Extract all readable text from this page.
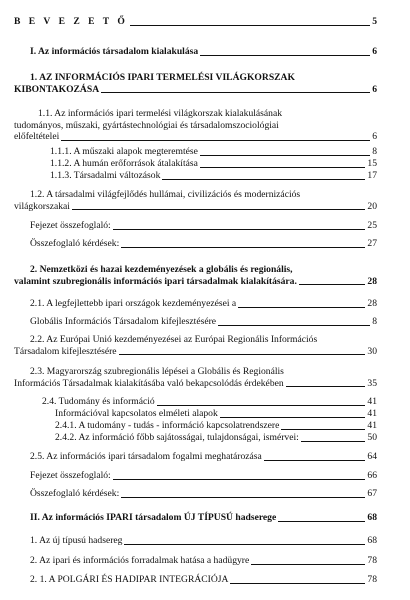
B E V E Z E T Ő	5
I. Az információs társadalom kialakulása	6
1. AZ INFORMÁCIÓS IPARI TERMELÉSI VILÁGKORSZAK
KIBONTAKOZÁSA	6
1.1. Az információs ipari termelési világkorszak kialakulásának
tudományos, műszaki, gyártástechnológiai és társadalomszociológiai
előfeltételei	6
1.1.1. A műszaki alapok megteremtése	8
1.1.2. A humán erőforrások átalakítása	15
1.1.3. Társadalmi változások	17
1.2. A társadalmi világfejlődés hullámai, civilizációs és modernizációs
világkorszakai	20
Fejezet összefoglaló:	25
Összefoglaló kérdések:	27
2. Nemzetközi és hazai kezdeményezések a globális és regionális,
valamint szubregionális információs ipari társadalmak kialakítására.	28
2.1. A legfejlettebb ipari országok kezdeményezései a	28
Globális Információs Társadalom kifejlesztésére	8
2.2. Az Európai Unió kezdeményezései az Európai Regionális Információs
Társadalom kifejlesztésére	30
2.3. Magyarország szubregionális lépései a Globális és Regionális
Információs Társadalmak kialakításába való bekapcsolódás érdekében	35
2.4. Tudomány és információ	41
Információval kapcsolatos elméleti alapok	41
2.4.1. A tudomány - tudás - információ kapcsolatrendszere	41
2.4.2. Az információ főbb sajátosságai, tulajdonságai, ismérvei:	50
2.5. Az információs ipari társadalom fogalmi meghatározása	64
Fejezet összefoglaló:	66
Összefoglaló kérdések:	67
II. Az információs IPARI társadalom ÚJ TÍPUSÚ hadserege	68
1. Az új típusú hadsereg	68
2. Az ipari és információs forradalmak hatása a hadügyre	78
2. 1. A POLGÁRI ÉS HADIPAR INTEGRÁCIÓJA	78
